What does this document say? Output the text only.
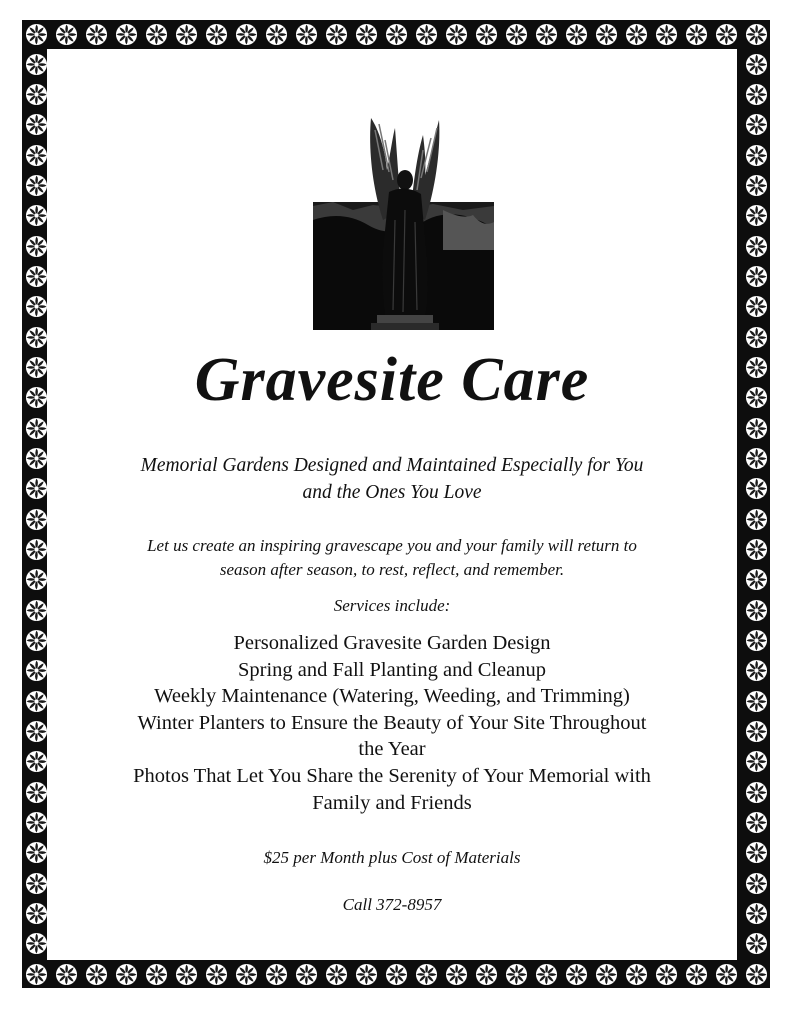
Gravesite Care
Memorial Gardens Designed and Maintained Especially for You
and the Ones You Love
Let us create an inspiring gravescape you and your family will return to
season after season, to rest, reflect, and remember.
Services include:
Personalized Gravesite Garden Design
Spring and Fall Planting and Cleanup
Weekly Maintenance (Watering, Weeding, and Trimming)
Winter Planters to Ensure the Beauty of Your Site Throughout
the Year
Photos That Let You Share the Serenity of Your Memorial with
Family and Friends
$25 per Month plus Cost of Materials
Call 372-8957
